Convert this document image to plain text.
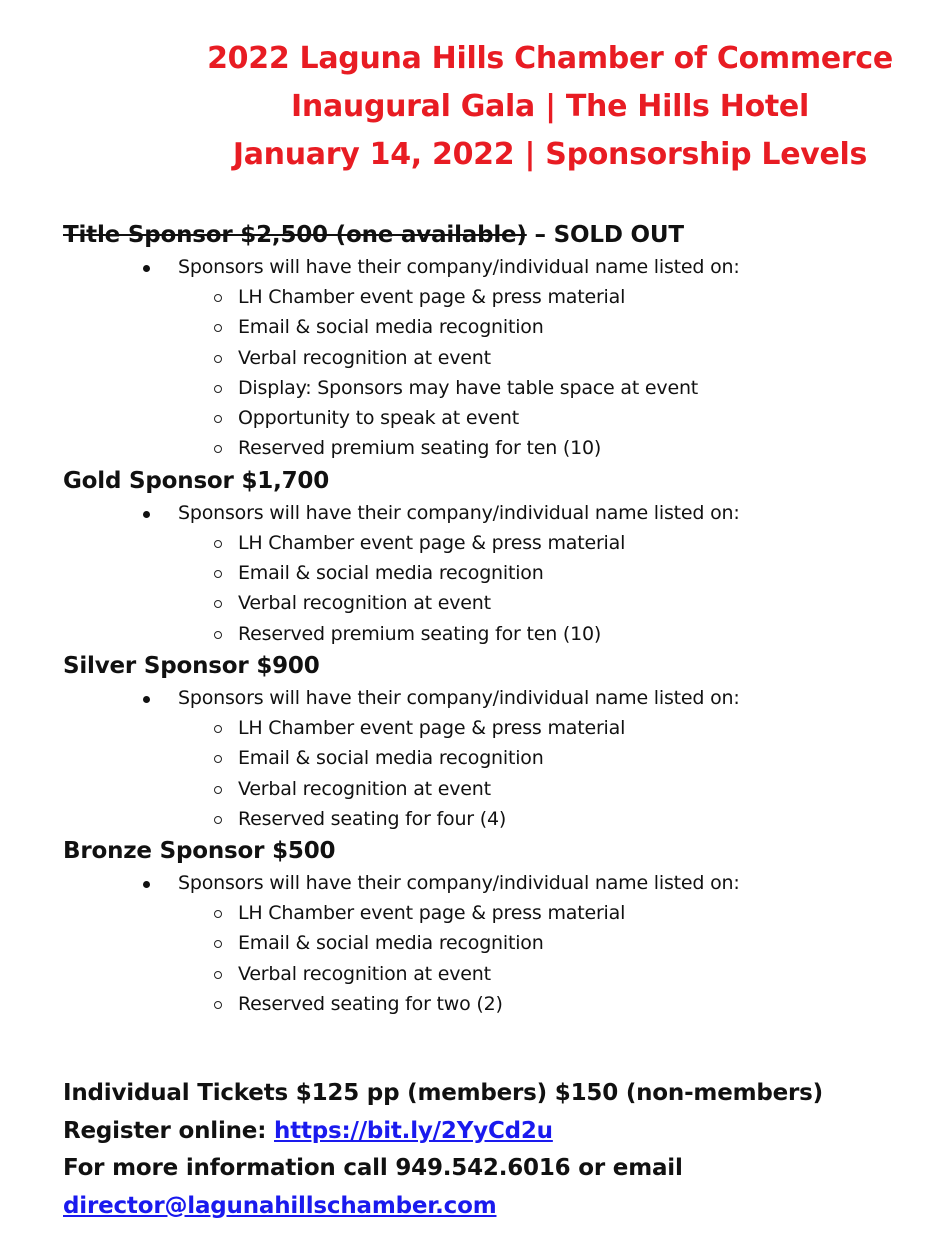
2022 Laguna Hills Chamber of Commerce
Inaugural Gala | The Hills Hotel
January 14, 2022 | Sponsorship Levels
Title Sponsor $2,500 (one available) – SOLD OUT
Sponsors will have their company/individual name listed on:
LH Chamber event page & press material
Email & social media recognition
Verbal recognition at event
Display: Sponsors may have table space at event
Opportunity to speak at event
Reserved premium seating for ten (10)
Gold Sponsor $1,700
Sponsors will have their company/individual name listed on:
LH Chamber event page & press material
Email & social media recognition
Verbal recognition at event
Reserved premium seating for ten (10)
Silver Sponsor $900
Sponsors will have their company/individual name listed on:
LH Chamber event page & press material
Email & social media recognition
Verbal recognition at event
Reserved seating for four (4)
Bronze Sponsor $500
Sponsors will have their company/individual name listed on:
LH Chamber event page & press material
Email & social media recognition
Verbal recognition at event
Reserved seating for two (2)
Individual Tickets $125 pp (members) $150 (non-members)
Register online: https://bit.ly/2YyCd2u
For more information call 949.542.6016 or email
director@lagunahillschamber.com
